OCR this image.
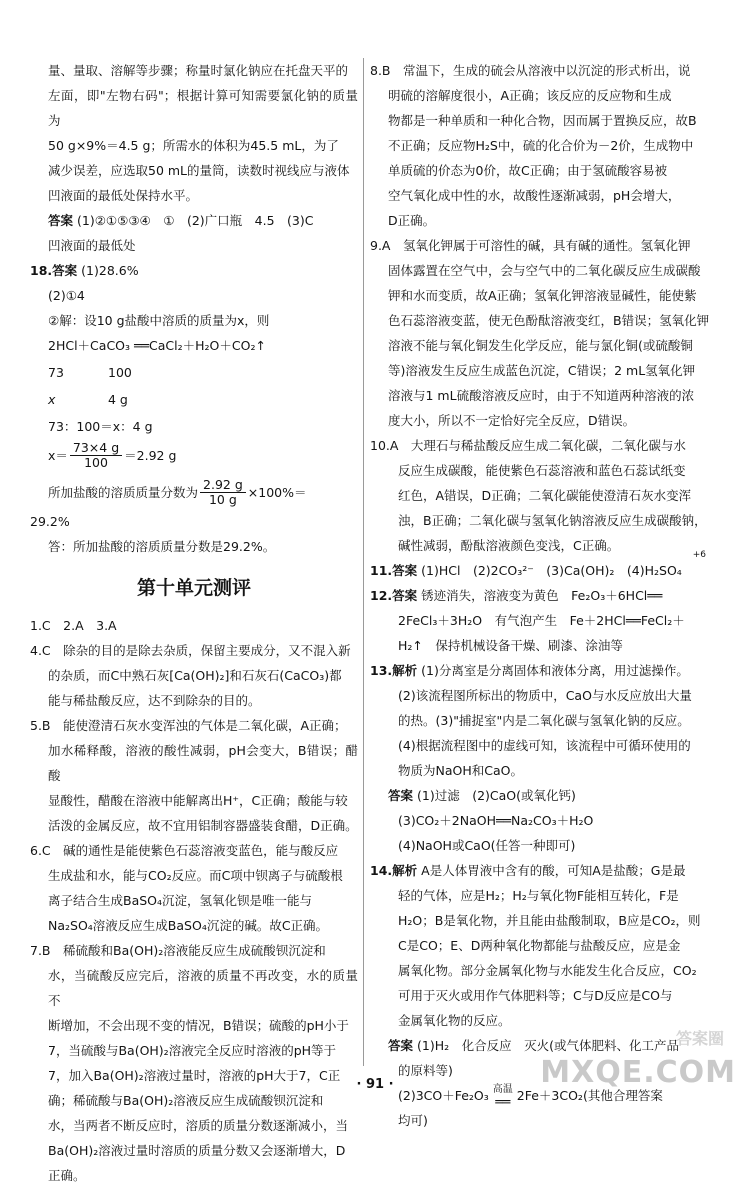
量、量取、溶解等步骤；称量时氯化钠应在托盘天平的

左面，即"左物右码"；根据计算可知需要氯化钠的质量为

50 g×9%＝4.5 g；所需水的体积为45.5 mL，为了

减少误差，应选取50 mL的量筒，读数时视线应与液体

凹液面的最低处保持水平。

答案 (1)②①⑤③④　①　(2)广口瓶　4.5　(3)C

凹液面的最低处

18.答案 (1)28.6%

(2)①4

②解：设10 g盐酸中溶质的质量为x，则

2HCl＋CaCO₃ ══CaCl₂＋H₂O＋CO₂↑

73	100
x	4 g

73：100＝x：4 g

$x= \frac{73\times 4 g}{100} =2.92$ g
所加盐酸的溶质质量分数为 $\frac{2.92 g}{10 g} \times 100\%=$

29.2%

答：所加盐酸的溶质质量分数是29.2%。

第十单元测评

1.C　2.A　3.A

4.C　除杂的目的是除去杂质，保留主要成分，又不混入新

的杂质，而C中熟石灰[Ca(OH)₂]和石灰石(CaCO₃)都

能与稀盐酸反应，达不到除杂的目的。

5.B　能使澄清石灰水变浑浊的气体是二氧化碳，A正确；

加水稀释酸，溶液的酸性减弱，pH会变大，B错误；醋酸

显酸性，醋酸在溶液中能解离出H⁺，C正确；酸能与较

活泼的金属反应，故不宜用铝制容器盛装食醋，D正确。

6.C　碱的通性是能使紫色石蕊溶液变蓝色，能与酸反应

生成盐和水，能与CO₂反应。而C项中钡离子与硫酸根

离子结合生成BaSO₄沉淀，氢氧化钡是唯一能与

Na₂SO₄溶液反应生成BaSO₄沉淀的碱。故C正确。

7.B　稀硫酸和Ba(OH)₂溶液能反应生成硫酸钡沉淀和

水，当硫酸反应完后，溶液的质量不再改变，水的质量不

断增加，不会出现不变的情况，B错误；硫酸的pH小于

7，当硫酸与Ba(OH)₂溶液完全反应时溶液的pH等于

7，加入Ba(OH)₂溶液过量时，溶液的pH大于7，C正

确；稀硫酸与Ba(OH)₂溶液反应生成硫酸钡沉淀和

水，当两者不断反应时，溶质的质量分数逐渐减小，当

Ba(OH)₂溶液过量时溶质的质量分数又会逐渐增大，D

正确。

8.B　常温下，生成的硫会从溶液中以沉淀的形式析出，说

明硫的溶解度很小，A正确；该反应的反应物和生成

物都是一种单质和一种化合物，因而属于置换反应，故B

不正确；反应物H₂S中，硫的化合价为－2价，生成物中

单质硫的价态为0价，故C正确；由于氢硫酸容易被

空气氧化成中性的水，故酸性逐渐减弱，pH会增大，

D正确。

9.A　氢氧化钾属于可溶性的碱，具有碱的通性。氢氧化钾

固体露置在空气中，会与空气中的二氧化碳反应生成碳酸

钾和水而变质，故A正确；氢氧化钾溶液显碱性，能使紫

色石蕊溶液变蓝，使无色酚酞溶液变红，B错误；氢氧化钾

溶液不能与氧化铜发生化学反应，能与氯化铜(或硫酸铜

等)溶液发生反应生成蓝色沉淀，C错误；2 mL氢氧化钾

溶液与1 mL硫酸溶液反应时，由于不知道两种溶液的浓

度大小，所以不一定恰好完全反应，D错误。

10.A　大理石与稀盐酸反应生成二氧化碳，二氧化碳与水

反应生成碳酸，能使紫色石蕊溶液和蓝色石蕊试纸变

红色，A错误，D正确；二氧化碳能使澄清石灰水变浑

浊，B正确；二氧化碳与氢氧化钠溶液反应生成碳酸钠，

碱性减弱，酚酞溶液颜色变浅，C正确。

11.答案 (1)HCl　(2)2CO₃²⁻　(3)Ca(OH)₂　(4)H₂SO₄

+6

12.答案 锈迹消失，溶液变为黄色　Fe₂O₃＋6HCl══

2FeCl₃＋3H₂O　有气泡产生　Fe＋2HCl══FeCl₂＋

H₂↑　保持机械设备干燥、刷漆、涂油等

13.解析 (1)分离室是分离固体和液体分离，用过滤操作。

(2)该流程图所标出的物质中，CaO与水反应放出大量

的热。(3)"捕捉室"内是二氧化碳与氢氧化钠的反应。

(4)根据流程图中的虚线可知，该流程中可循环使用的

物质为NaOH和CaO。

答案 (1)过滤　(2)CaO(或氧化钙)

(3)CO₂＋2NaOH══Na₂CO₃＋H₂O

(4)NaOH或CaO(任答一种即可)

14.解析 A是人体胃液中含有的酸，可知A是盐酸；G是最

轻的气体，应是H₂；H₂与氧化物F能相互转化，F是

H₂O；B是氧化物，并且能由盐酸制取，B应是CO₂，则

C是CO；E、D两种氧化物都能与盐酸反应，应是金

属氧化物。部分金属氧化物与水能发生化合反应，CO₂

可用于灭火或用作气体肥料等；C与D反应是CO与

金属氧化物的反应。

答案 (1)H₂　化合反应　灭火(或气体肥料、化工产品

的原料等)

(2)3CO＋Fe₂O₃ 高温
══ 2Fe＋3CO₂(其他合理答案

均可)

· 91 ·
答案圈
MXQE.COM
